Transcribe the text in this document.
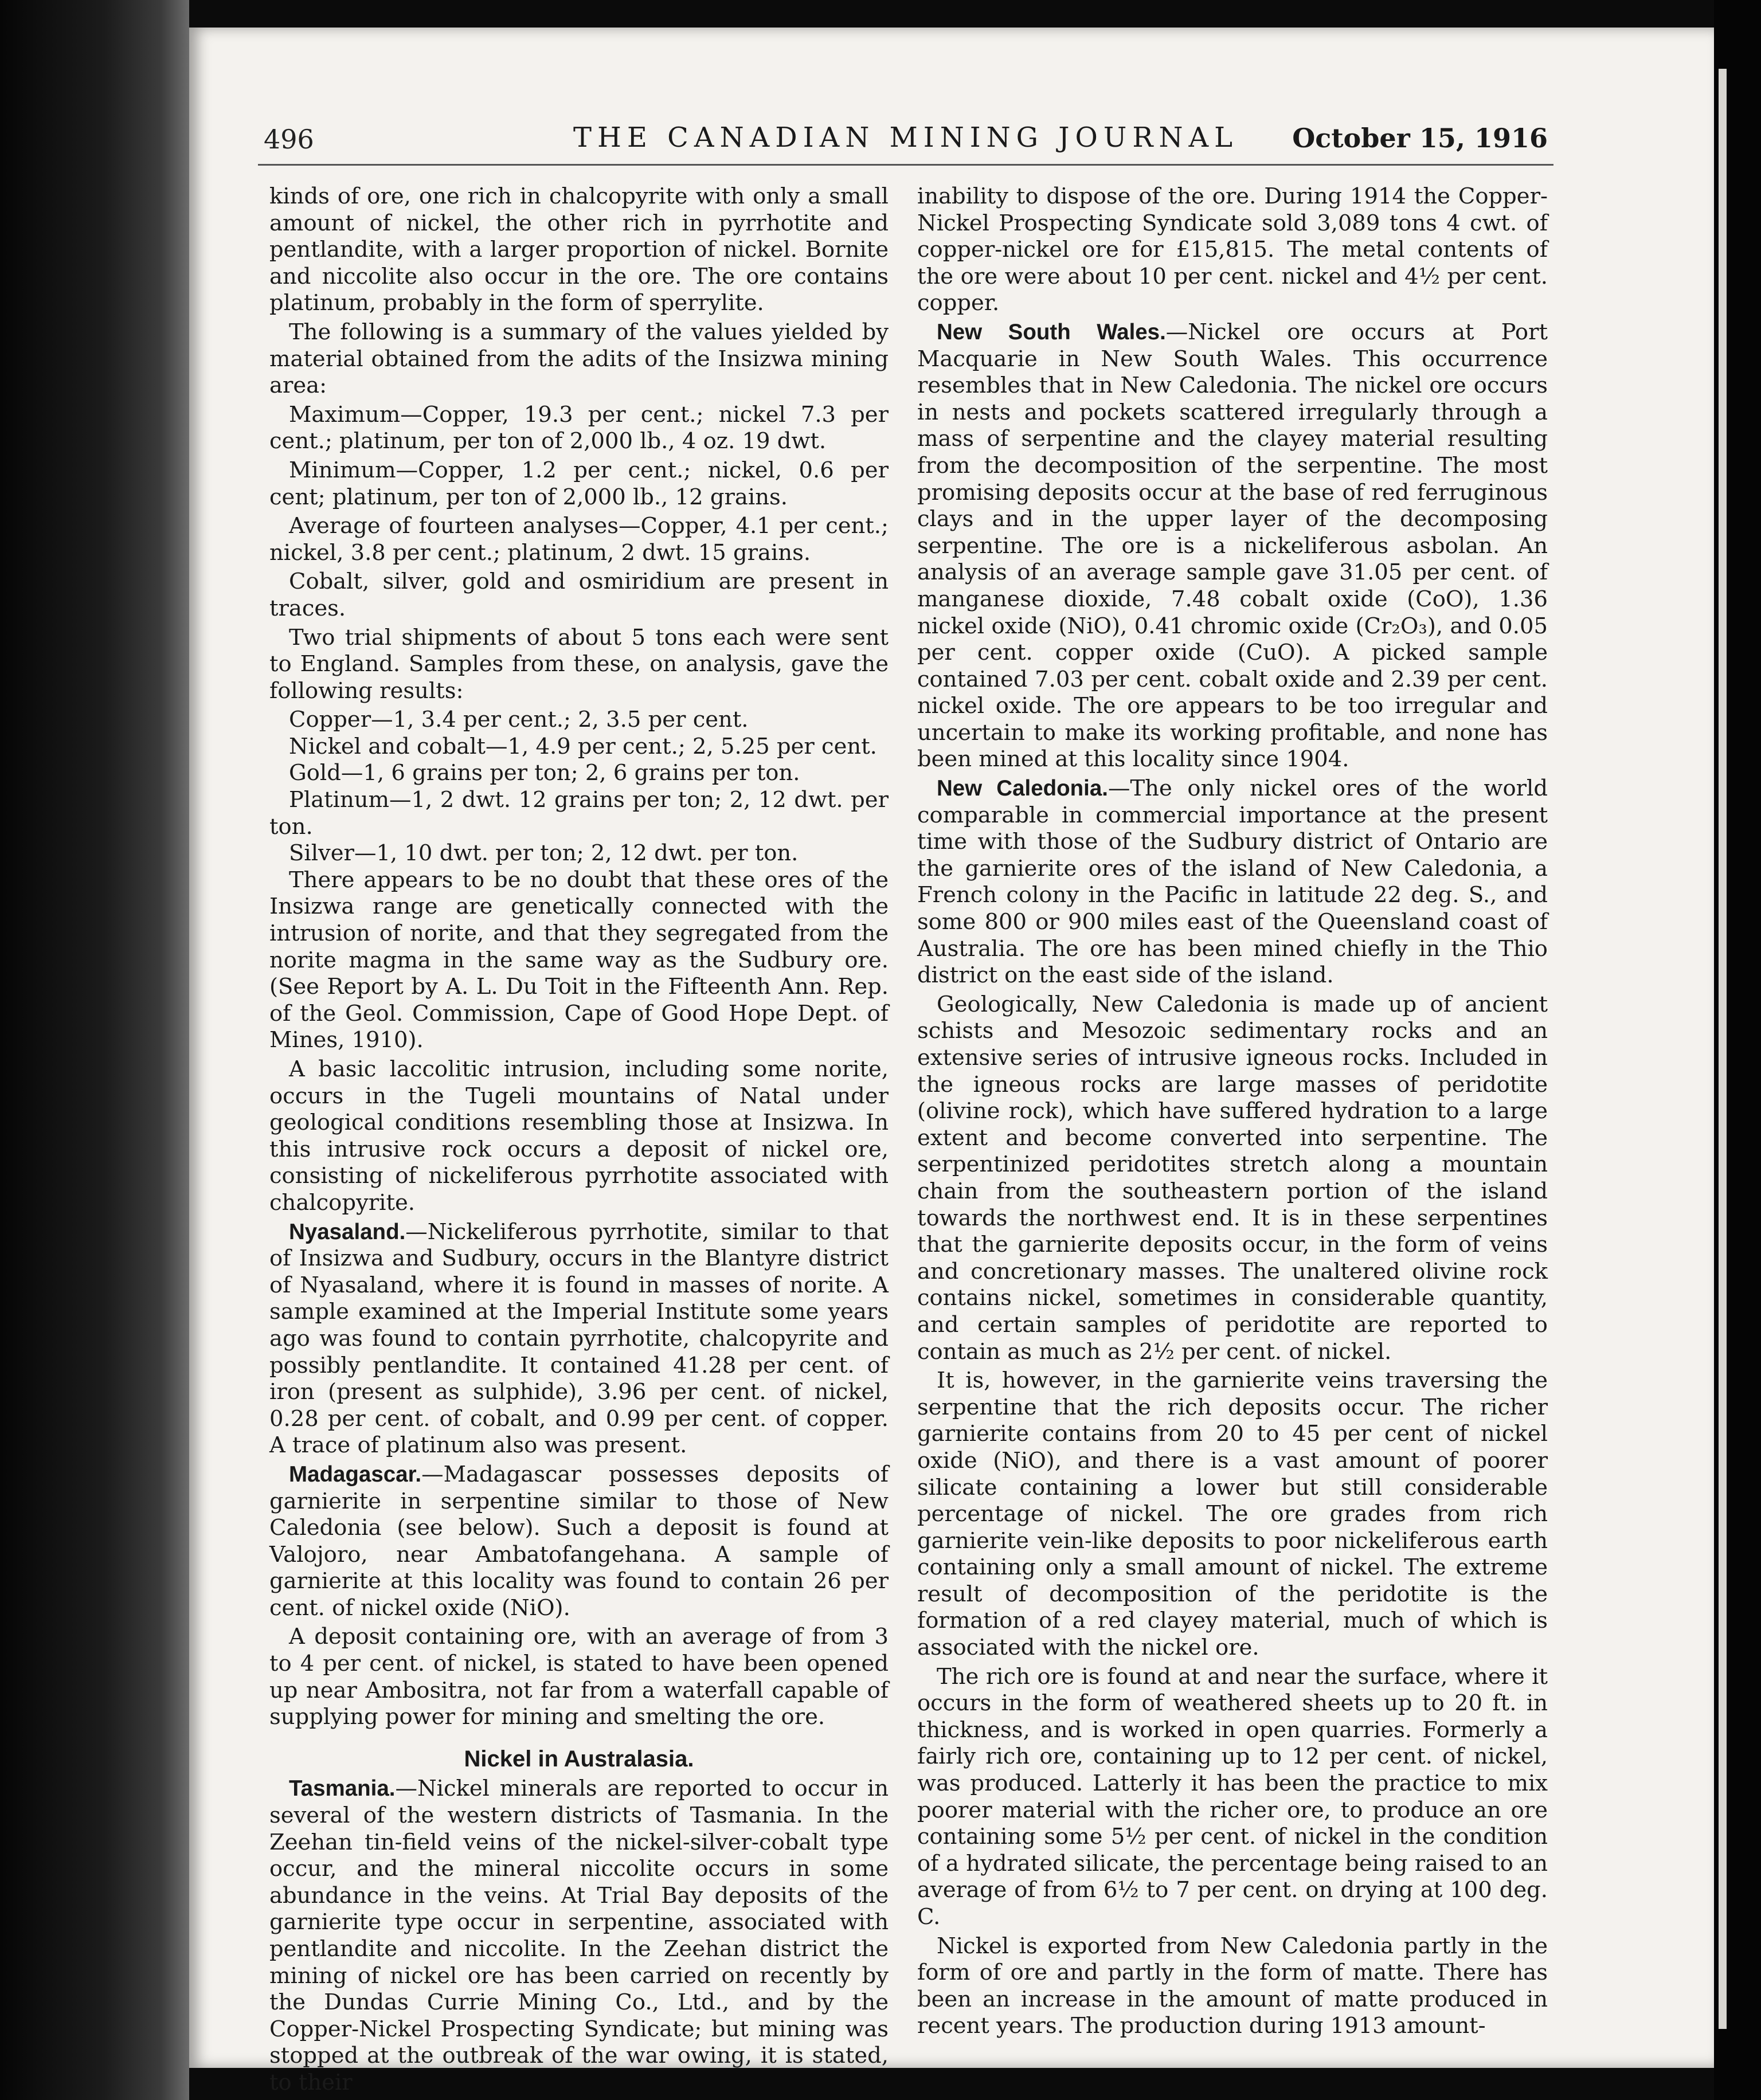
496	THE CANADIAN MINING JOURNAL	October 15, 1916

kinds of ore, one rich in chalcopyrite with only a small amount of nickel, the other rich in pyrrhotite and pentlandite, with a larger proportion of nickel. Bornite and niccolite also occur in the ore. The ore contains platinum, probably in the form of sperrylite.

The following is a summary of the values yielded by material obtained from the adits of the Insizwa mining area:

Maximum—Copper, 19.3 per cent.; nickel 7.3 per cent.; platinum, per ton of 2,000 lb., 4 oz. 19 dwt.

Minimum—Copper, 1.2 per cent.; nickel, 0.6 per cent; platinum, per ton of 2,000 lb., 12 grains.

Average of fourteen analyses—Copper, 4.1 per cent.; nickel, 3.8 per cent.; platinum, 2 dwt. 15 grains.

Cobalt, silver, gold and osmiridium are present in traces.

Two trial shipments of about 5 tons each were sent to England. Samples from these, on analysis, gave the following results:

Copper—1, 3.4 per cent.; 2, 3.5 per cent.

Nickel and cobalt—1, 4.9 per cent.; 2, 5.25 per cent.

Gold—1, 6 grains per ton; 2, 6 grains per ton.

Platinum—1, 2 dwt. 12 grains per ton; 2, 12 dwt. per ton.

Silver—1, 10 dwt. per ton; 2, 12 dwt. per ton.

There appears to be no doubt that these ores of the Insizwa range are genetically connected with the intrusion of norite, and that they segregated from the norite magma in the same way as the Sudbury ore. (See Report by A. L. Du Toit in the Fifteenth Ann. Rep. of the Geol. Commission, Cape of Good Hope Dept. of Mines, 1910).

A basic laccolitic intrusion, including some norite, occurs in the Tugeli mountains of Natal under geological conditions resembling those at Insizwa. In this intrusive rock occurs a deposit of nickel ore, consisting of nickeliferous pyrrhotite associated with chalcopyrite.

Nyasaland.—Nickeliferous pyrrhotite, similar to that of Insizwa and Sudbury, occurs in the Blantyre district of Nyasaland, where it is found in masses of norite. A sample examined at the Imperial Institute some years ago was found to contain pyrrhotite, chalcopyrite and possibly pentlandite. It contained 41.28 per cent. of iron (present as sulphide), 3.96 per cent. of nickel, 0.28 per cent. of cobalt, and 0.99 per cent. of copper. A trace of platinum also was present.

Madagascar.—Madagascar possesses deposits of garnierite in serpentine similar to those of New Caledonia (see below). Such a deposit is found at Valojoro, near Ambatofangehana. A sample of garnierite at this locality was found to contain 26 per cent. of nickel oxide (NiO).

A deposit containing ore, with an average of from 3 to 4 per cent. of nickel, is stated to have been opened up near Ambositra, not far from a waterfall capable of supplying power for mining and smelting the ore.

Nickel in Australasia.

Tasmania.—Nickel minerals are reported to occur in several of the western districts of Tasmania. In the Zeehan tin-field veins of the nickel-silver-cobalt type occur, and the mineral niccolite occurs in some abundance in the veins. At Trial Bay deposits of the garnierite type occur in serpentine, associated with pentlandite and niccolite. In the Zeehan district the mining of nickel ore has been carried on recently by the Dundas Currie Mining Co., Ltd., and by the Copper-Nickel Prospecting Syndicate; but mining was stopped at the outbreak of the war owing, it is stated, to their

inability to dispose of the ore. During 1914 the Copper-Nickel Prospecting Syndicate sold 3,089 tons 4 cwt. of copper-nickel ore for £15,815. The metal contents of the ore were about 10 per cent. nickel and 4½ per cent. copper.

New South Wales.—Nickel ore occurs at Port Macquarie in New South Wales. This occurrence resembles that in New Caledonia. The nickel ore occurs in nests and pockets scattered irregularly through a mass of serpentine and the clayey material resulting from the decomposition of the serpentine. The most promising deposits occur at the base of red ferruginous clays and in the upper layer of the decomposing serpentine. The ore is a nickeliferous asbolan. An analysis of an average sample gave 31.05 per cent. of manganese dioxide, 7.48 cobalt oxide (CoO), 1.36 nickel oxide (NiO), 0.41 chromic oxide (Cr₂O₃), and 0.05 per cent. copper oxide (CuO). A picked sample contained 7.03 per cent. cobalt oxide and 2.39 per cent. nickel oxide. The ore appears to be too irregular and uncertain to make its working profitable, and none has been mined at this locality since 1904.

New Caledonia.—The only nickel ores of the world comparable in commercial importance at the present time with those of the Sudbury district of Ontario are the garnierite ores of the island of New Caledonia, a French colony in the Pacific in latitude 22 deg. S., and some 800 or 900 miles east of the Queensland coast of Australia. The ore has been mined chiefly in the Thio district on the east side of the island.

Geologically, New Caledonia is made up of ancient schists and Mesozoic sedimentary rocks and an extensive series of intrusive igneous rocks. Included in the igneous rocks are large masses of peridotite (olivine rock), which have suffered hydration to a large extent and become converted into serpentine. The serpentinized peridotites stretch along a mountain chain from the southeastern portion of the island towards the northwest end. It is in these serpentines that the garnierite deposits occur, in the form of veins and concretionary masses. The unaltered olivine rock contains nickel, sometimes in considerable quantity, and certain samples of peridotite are reported to contain as much as 2½ per cent. of nickel.

It is, however, in the garnierite veins traversing the serpentine that the rich deposits occur. The richer garnierite contains from 20 to 45 per cent of nickel oxide (NiO), and there is a vast amount of poorer silicate containing a lower but still considerable percentage of nickel. The ore grades from rich garnierite vein-like deposits to poor nickeliferous earth containing only a small amount of nickel. The extreme result of decomposition of the peridotite is the formation of a red clayey material, much of which is associated with the nickel ore.

The rich ore is found at and near the surface, where it occurs in the form of weathered sheets up to 20 ft. in thickness, and is worked in open quarries. Formerly a fairly rich ore, containing up to 12 per cent. of nickel, was produced. Latterly it has been the practice to mix poorer material with the richer ore, to produce an ore containing some 5½ per cent. of nickel in the condition of a hydrated silicate, the percentage being raised to an average of from 6½ to 7 per cent. on drying at 100 deg. C.

Nickel is exported from New Caledonia partly in the form of ore and partly in the form of matte. There has been an increase in the amount of matte produced in recent years. The production during 1913 amount-
